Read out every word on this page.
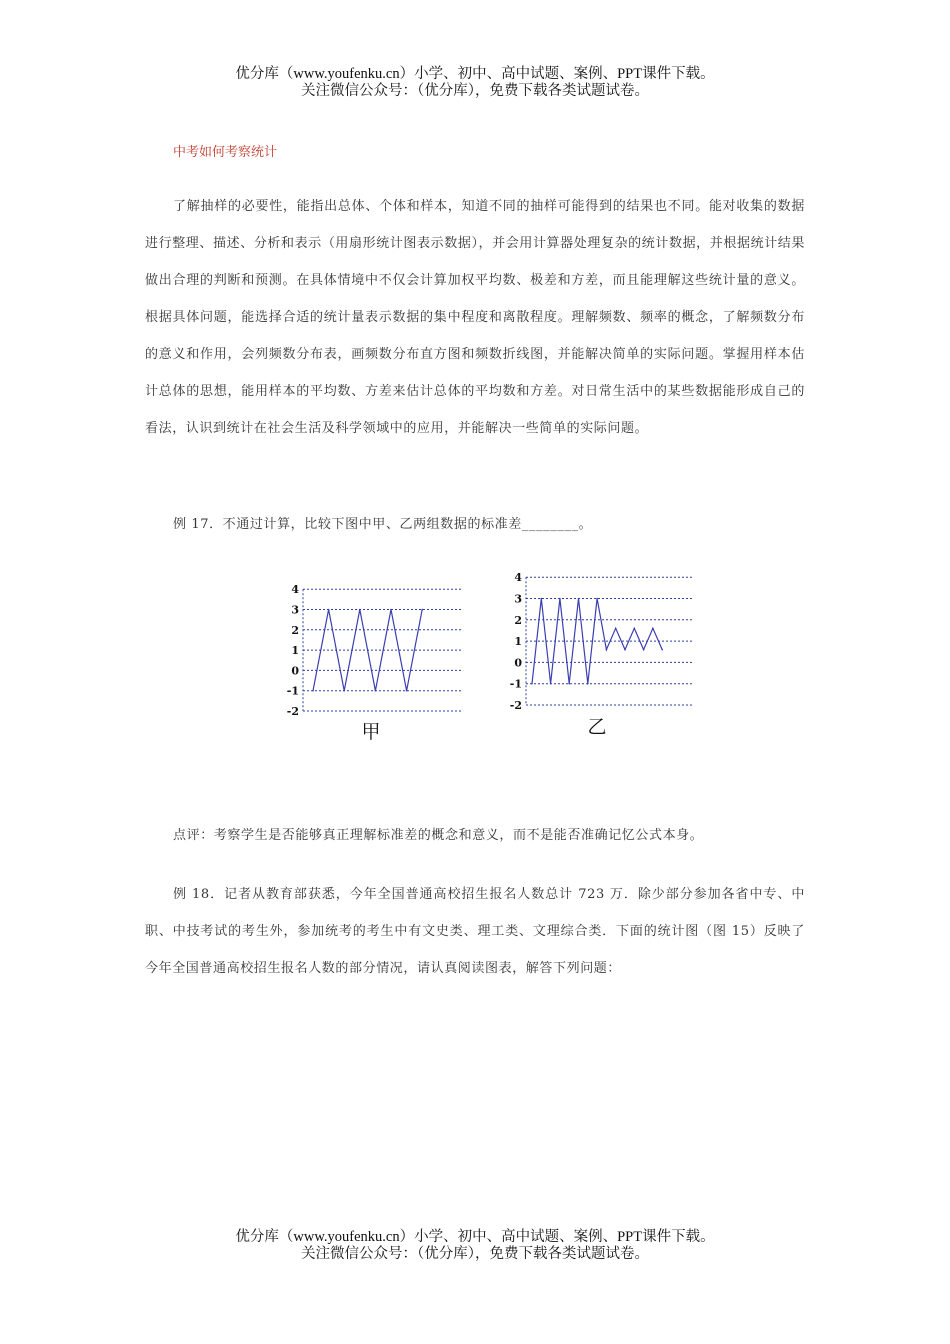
优分库（www.youfenku.cn）小学、初中、高中试题、案例、PPT课件下载。
关注微信公众号：（优分库），免费下载各类试题试卷。
中考如何考察统计
了解抽样的必要性，能指出总体、个体和样本，知道不同的抽样可能得到的结果也不同。能对收集的数据进行整理、描述、分析和表示（用扇形统计图表示数据），并会用计算器处理复杂的统计数据，并根据统计结果做出合理的判断和预测。在具体情境中不仅会计算加权平均数、极差和方差，而且能理解这些统计量的意义。根据具体问题，能选择合适的统计量表示数据的集中程度和离散程度。理解频数、频率的概念，了解频数分布的意义和作用，会列频数分布表，画频数分布直方图和频数折线图，并能解决简单的实际问题。掌握用样本估计总体的思想，能用样本的平均数、方差来估计总体的平均数和方差。对日常生活中的某些数据能形成自己的看法，认识到统计在社会生活及科学领域中的应用，并能解决一些简单的实际问题。
例 17．不通过计算，比较下图中甲、乙两组数据的标准差________。
4
3
2
1
0
-1
-2
甲
4
3
2
1
0
-1
-2
乙
点评：考察学生是否能够真正理解标准差的概念和意义，而不是能否准确记忆公式本身。
例 18．记者从教育部获悉，今年全国普通高校招生报名人数总计 723 万．除少部分参加各省中专、中职、中技考试的考生外，参加统考的考生中有文史类、理工类、文理综合类．下面的统计图（图 15）反映了今年全国普通高校招生报名人数的部分情况，请认真阅读图表，解答下列问题：
优分库（www.youfenku.cn）小学、初中、高中试题、案例、PPT课件下载。
关注微信公众号：（优分库），免费下载各类试题试卷。
